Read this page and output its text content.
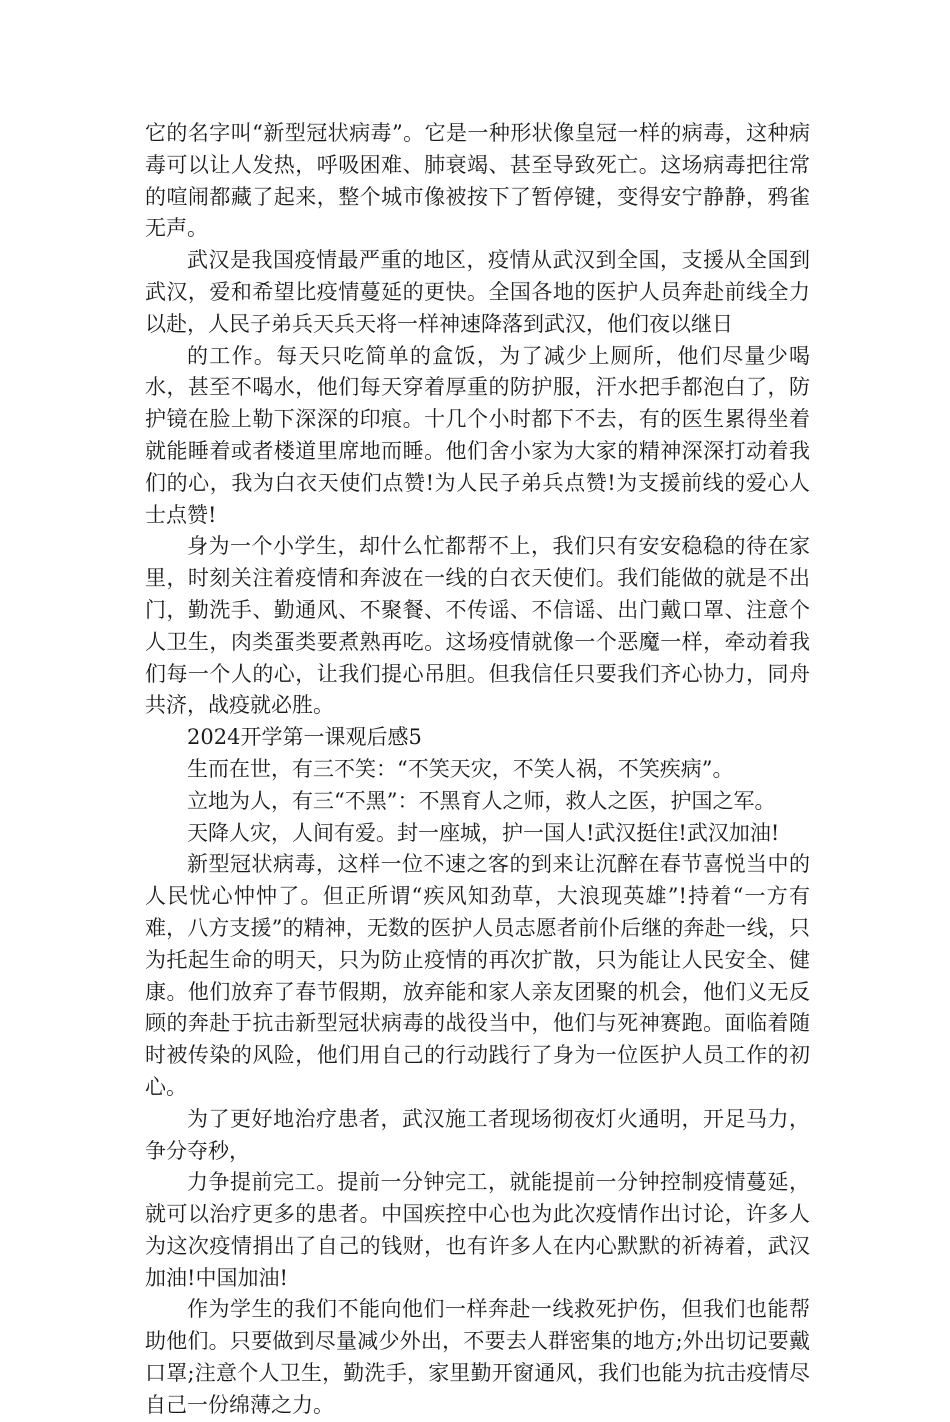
它的名字叫“新型冠状病毒”。它是一种形状像皇冠一样的病毒，这种病毒可以让人发热，呼吸困难、肺衰竭、甚至导致死亡。这场病毒把往常的喧闹都藏了起来，整个城市像被按下了暂停键，变得安宁静静，鸦雀无声。

武汉是我国疫情最严重的地区，疫情从武汉到全国，支援从全国到武汉，爱和希望比疫情蔓延的更快。全国各地的医护人员奔赴前线全力以赴，人民子弟兵天兵天将一样神速降落到武汉，他们夜以继日

的工作。每天只吃简单的盒饭，为了减少上厕所，他们尽量少喝水，甚至不喝水，他们每天穿着厚重的防护服，汗水把手都泡白了，防护镜在脸上勒下深深的印痕。十几个小时都下不去，有的医生累得坐着就能睡着或者楼道里席地而睡。他们舍小家为大家的精神深深打动着我们的心，我为白衣天使们点赞!为人民子弟兵点赞!为支援前线的爱心人士点赞!

身为一个小学生，却什么忙都帮不上，我们只有安安稳稳的待在家里，时刻关注着疫情和奔波在一线的白衣天使们。我们能做的就是不出门，勤洗手、勤通风、不聚餐、不传谣、不信谣、出门戴口罩、注意个人卫生，肉类蛋类要煮熟再吃。这场疫情就像一个恶魔一样，牵动着我们每一个人的心，让我们提心吊胆。但我信任只要我们齐心协力，同舟共济，战疫就必胜。

2024开学第一课观后感5

生而在世，有三不笑：“不笑天灾，不笑人祸，不笑疾病”。

立地为人，有三“不黑”：不黑育人之师，救人之医，护国之军。

天降人灾，人间有爱。封一座城，护一国人!武汉挺住!武汉加油!

新型冠状病毒，这样一位不速之客的到来让沉醉在春节喜悦当中的人民忧心忡忡了。但正所谓“疾风知劲草，大浪现英雄”!持着“一方有难，八方支援”的精神，无数的医护人员志愿者前仆后继的奔赴一线，只为托起生命的明天，只为防止疫情的再次扩散，只为能让人民安全、健康。他们放弃了春节假期，放弃能和家人亲友团聚的机会，他们义无反顾的奔赴于抗击新型冠状病毒的战役当中，他们与死神赛跑。面临着随时被传染的风险，他们用自己的行动践行了身为一位医护人员工作的初心。

为了更好地治疗患者，武汉施工者现场彻夜灯火通明，开足马力，争分夺秒，

力争提前完工。提前一分钟完工，就能提前一分钟控制疫情蔓延，就可以治疗更多的患者。中国疾控中心也为此次疫情作出讨论，许多人为这次疫情捐出了自己的钱财，也有许多人在内心默默的祈祷着，武汉加油!中国加油!

作为学生的我们不能向他们一样奔赴一线救死护伤，但我们也能帮助他们。只要做到尽量减少外出，不要去人群密集的地方;外出切记要戴口罩;注意个人卫生，勤洗手，家里勤开窗通风，我们也能为抗击疫情尽自己一份绵薄之力。
